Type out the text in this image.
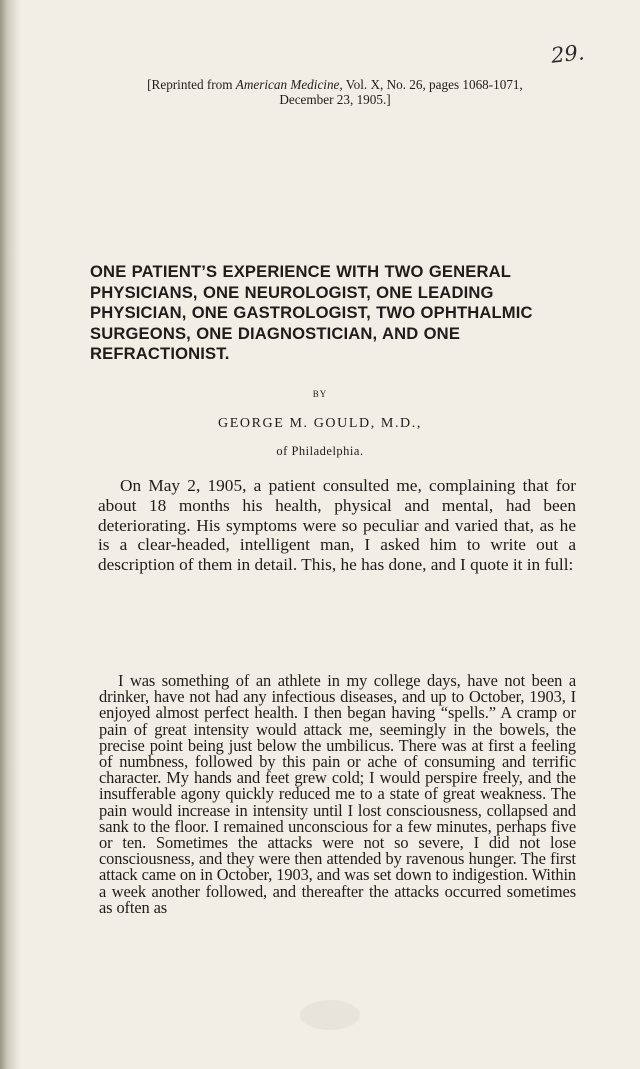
29.
[Reprinted from American Medicine, Vol. X, No. 26, pages 1068-1071,
December 23, 1905.]
ONE PATIENT’S EXPERIENCE WITH TWO GENERAL PHYSICIANS, ONE NEUROLOGIST, ONE LEADING PHYSICIAN, ONE GASTROLOGIST, TWO OPHTHALMIC SURGEONS, ONE DIAGNOSTICIAN, AND ONE REFRACTIONIST.
BY
GEORGE M. GOULD, M.D.,
of Philadelphia.

On May 2, 1905, a patient consulted me, complaining that for about 18 months his health, physical and mental, had been deteriorating. His symptoms were so peculiar and varied that, as he is a clear-headed, intelligent man, I asked him to write out a description of them in detail. This, he has done, and I quote it in full:

I was something of an athlete in my college days, have not been a drinker, have not had any infectious diseases, and up to October, 1903, I enjoyed almost perfect health. I then began having “spells.” A cramp or pain of great intensity would attack me, seemingly in the bowels, the precise point being just below the umbilicus. There was at first a feeling of numbness, followed by this pain or ache of consuming and terrific character. My hands and feet grew cold; I would perspire freely, and the insufferable agony quickly reduced me to a state of great weakness. The pain would increase in intensity until I lost consciousness, collapsed and sank to the floor. I remained unconscious for a few minutes, perhaps five or ten. Sometimes the attacks were not so severe, I did not lose consciousness, and they were then attended by ravenous hunger. The first attack came on in October, 1903, and was set down to indigestion. Within a week another followed, and thereafter the attacks occurred sometimes as often as
